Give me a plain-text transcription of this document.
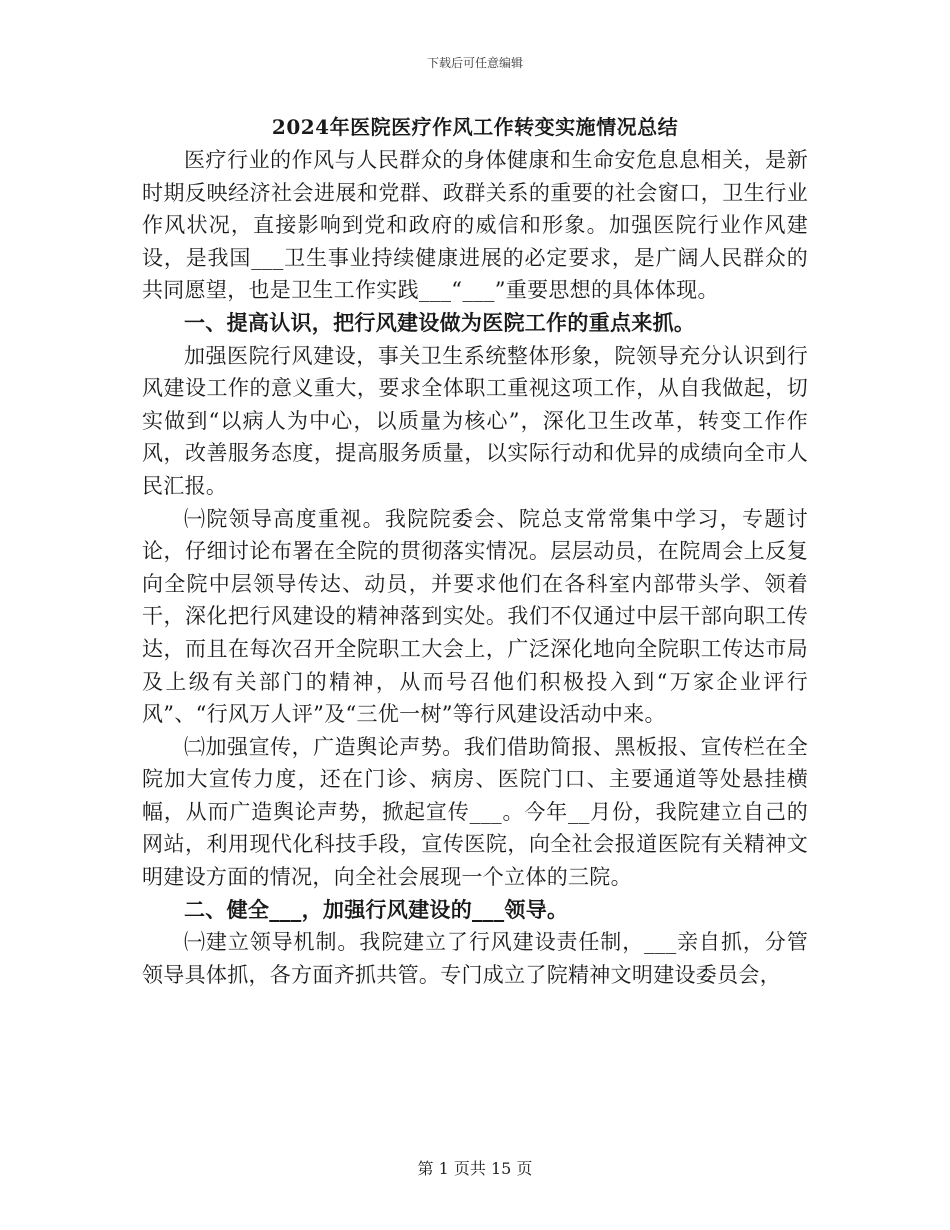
下载后可任意编辑
2024年医院医疗作风工作转变实施情况总结

医疗行业的作风与人民群众的身体健康和生命安危息息相关，是新时期反映经济社会进展和党群、政群关系的重要的社会窗口，卫生行业作风状况，直接影响到党和政府的威信和形象。加强医院行业作风建设，是我国___卫生事业持续健康进展的必定要求，是广阔人民群众的共同愿望，也是卫生工作实践___“___”重要思想的具体体现。

一、提高认识，把行风建设做为医院工作的重点来抓。

加强医院行风建设，事关卫生系统整体形象，院领导充分认识到行风建设工作的意义重大，要求全体职工重视这项工作，从自我做起，切实做到“以病人为中心，以质量为核心”，深化卫生改革，转变工作作风，改善服务态度，提高服务质量，以实际行动和优异的成绩向全市人民汇报。

㈠院领导高度重视。我院院委会、院总支常常集中学习，专题讨论，仔细讨论布署在全院的贯彻落实情况。层层动员，在院周会上反复向全院中层领导传达、动员，并要求他们在各科室内部带头学、领着干，深化把行风建设的精神落到实处。我们不仅通过中层干部向职工传达，而且在每次召开全院职工大会上，广泛深化地向全院职工传达市局及上级有关部门的精神，从而号召他们积极投入到“万家企业评行风”、“行风万人评”及“三优一树”等行风建设活动中来。

㈡加强宣传，广造舆论声势。我们借助简报、黑板报、宣传栏在全院加大宣传力度，还在门诊、病房、医院门口、主要通道等处悬挂横幅，从而广造舆论声势，掀起宣传___。今年__月份，我院建立自己的网站，利用现代化科技手段，宣传医院，向全社会报道医院有关精神文明建设方面的情况，向全社会展现一个立体的三院。

二、健全___，加强行风建设的___领导。

㈠建立领导机制。我院建立了行风建设责任制，___亲自抓，分管领导具体抓，各方面齐抓共管。专门成立了院精神文明建设委员会，

第 1 页共 15 页
